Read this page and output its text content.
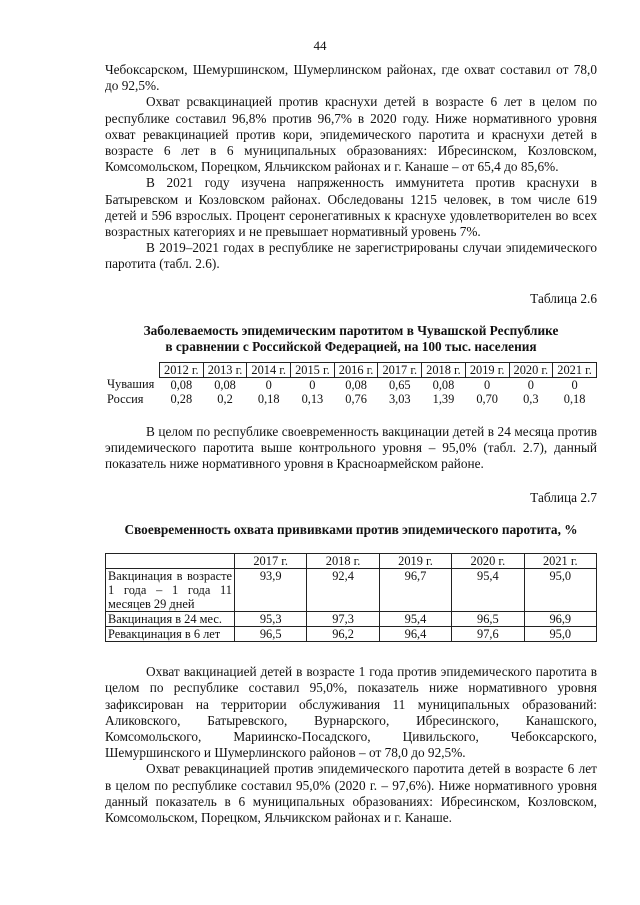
44

Чебоксарском, Шемуршинском, Шумерлинском районах, где охват составил от 78,0 до 92,5%.

Охват рсвакцинацией против краснухи детей в возрасте 6 лет в целом по республике составил 96,8% против 96,7% в 2020 году. Ниже нормативного уровня охват ревакцинацией против кори, эпидемического паротита и краснухи детей в возрасте 6 лет в 6 муниципальных образованиях: Ибресинском, Козловском, Комсомольском, Порецком, Яльчикском районах и г. Канаше – от 65,4 до 85,6%.

В 2021 году изучена напряженность иммунитета против краснухи в Батыревском и Козловском районах. Обследованы 1215 человек, в том числе 619 детей и 596 взрослых. Процент серонегативных к краснухе удовлетворителен во всех возрастных категориях и не превышает нормативный уровень 7%.

В 2019–2021 годах в республике не зарегистрированы случаи эпидемического паротита (табл. 2.6).

Таблица 2.6
Заболеваемость эпидемическим паротитом в Чувашской Республике
в сравнении с Российской Федерацией, на 100 тыс. населения
	2012 г.	2013 г.	2014 г.	2015 г.	2016 г.	2017 г.	2018 г.	2019 г.	2020 г.	2021 г.
Чувашия	0,08	0,08	0	0	0,08	0,65	0,08	0	0	0
Россия	0,28	0,2	0,18	0,13	0,76	3,03	1,39	0,70	0,3	0,18

В целом по республике своевременность вакцинации детей в 24 месяца против эпидемического паротита выше контрольного уровня – 95,0% (табл. 2.7), данный показатель ниже нормативного уровня в Красноармейском районе.

Таблица 2.7
Своевременность охвата прививками против эпидемического паротита, %
	2017 г.	2018 г.	2019 г.	2020 г.	2021 г.
Вакцинация в возрасте 1 года – 1 года 11 месяцев 29 дней	93,9	92,4	96,7	95,4	95,0
Вакцинация в 24 мес.	95,3	97,3	95,4	96,5	96,9
Ревакцинация в 6 лет	96,5	96,2	96,4	97,6	95,0

Охват вакцинацией детей в возрасте 1 года против эпидемического паротита в целом по республике составил 95,0%, показатель ниже нормативного уровня зафиксирован на территории обслуживания 11 муниципальных образований: Аликовского, Батыревского, Вурнарского, Ибресинского, Канашского, Комсомольского, Мариинско-Посадского, Цивильского, Чебоксарского, Шемуршинского и Шумерлинского районов – от 78,0 до 92,5%.

Охват ревакцинацией против эпидемического паротита детей в возрасте 6 лет в целом по республике составил 95,0% (2020 г. – 97,6%). Ниже нормативного уровня данный показатель в 6 муниципальных образованиях: Ибресинском, Козловском, Комсомольском, Порецком, Яльчикском районах и г. Канаше.
